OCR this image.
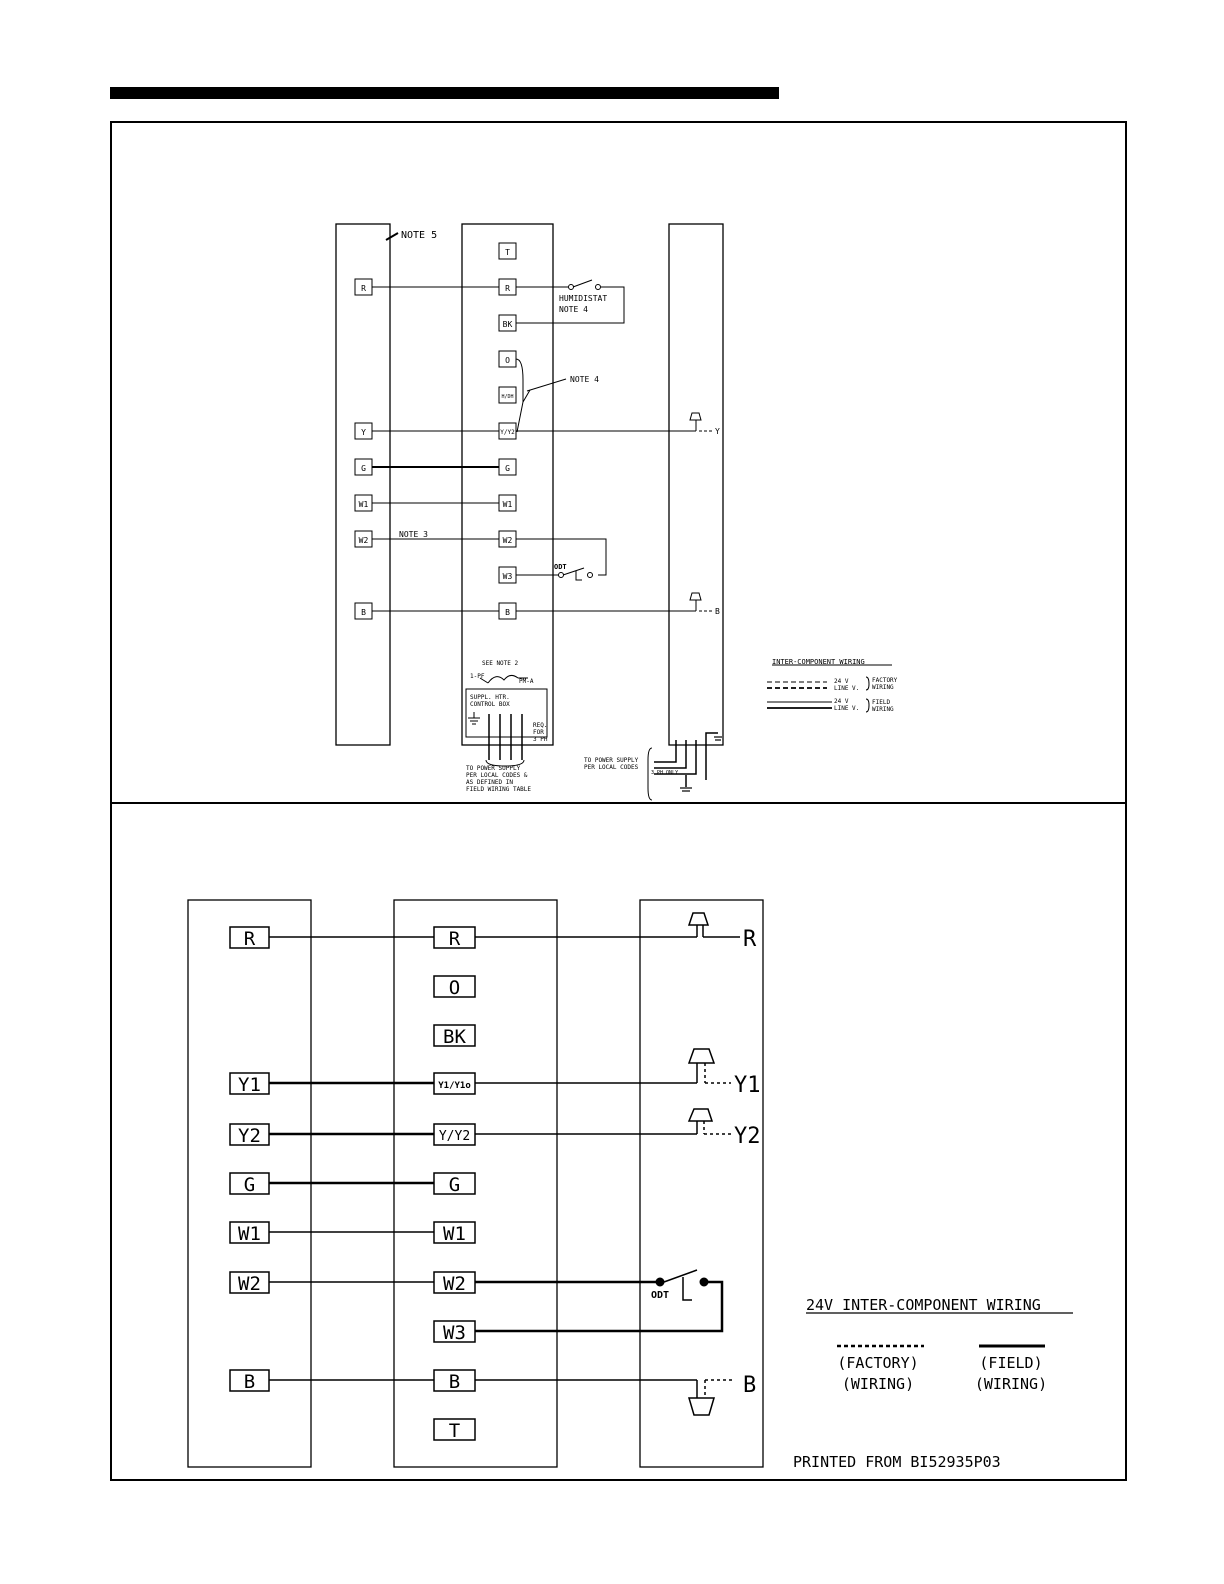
R
Y
G
W1
W2
B
T
R
BK
O
H/DH
Y/Y2
G
W1
W2
W3
B
Y
B
NOTE 5
HUMIDISTAT
NOTE 4
NOTE 4
NOTE 3
ODT
SEE NOTE 2
1-PF
PM-A
SUPPL. HTR.
CONTROL BOX
REQ.
FOR
3 PH
TO POWER SUPPLY
PER LOCAL CODES &
AS DEFINED IN
FIELD WIRING TABLE
TO POWER SUPPLY
PER LOCAL CODES
3 PH ONLY
INTER-COMPONENT WIRING
24 V
LINE V.
24 V
LINE V.
FACTORY
WIRING
FIELD
WIRING
R
Y1
Y2
G
W1
W2
B
R
O
BK
Y1/Y1o
Y/Y2
G
W1
W2
W3
B
T
R
Y1
Y2
B
ODT
24V INTER-COMPONENT WIRING
(FACTORY)
(WIRING)
(FIELD)
(WIRING)
PRINTED FROM BI52935P03
